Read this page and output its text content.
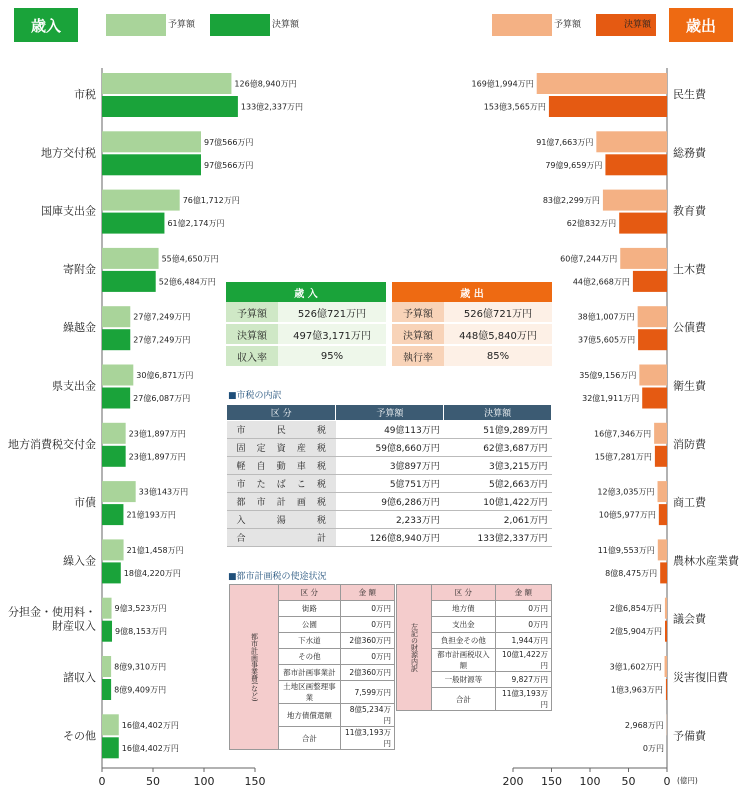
歳入	予算額	決算額	予算額	決算額	歳出
0	50	100	150	200 150 100 50	0 (億円)
市税
126億8,940万円
133億2,337万円
地方交付税
97億566万円
97億566万円
国庫支出金
76億1,712万円
61億2,174万円
寄附金
55億4,650万円
52億6,484万円
繰越金
27億7,249万円
27億7,249万円
県支出金
30億6,871万円
27億6,087万円
地方消費税交付金
23億1,897万円
23億1,897万円
市債
33億143万円
21億193万円
繰入金
21億1,458万円
18億4,220万円
分担金・使用料・
財産収入
9億3,523万円
9億8,153万円
諸収入
8億9,310万円
8億9,409万円
その他
16億4,402万円
16億4,402万円
民生費
169億1,994万円
153億3,565万円
総務費
91億7,663万円
79億9,659万円
教育費
83億2,299万円
62億832万円
土木費
60億7,244万円
44億2,668万円
公債費
38億1,007万円
37億5,605万円
衛生費
35億9,156万円
32億1,911万円
消防費
16億7,346万円
15億7,281万円
商工費
12億3,035万円
10億5,977万円
農林水産業費
11億9,553万円
8億8,475万円
議会費
2億6,854万円
2億5,904万円
災害復旧費
3億1,602万円
1億3,963万円
予備費
2,968万円
0万円
歳 入	
予算額	526億721万円
決算額	497億3,171万円
収入率	95%
歳 出	
予算額	526億721万円
決算額	448億5,840万円
執行率	85%
■市税の内訳
区 分	予算額	決算額
市民税	49億113万円	51億9,289万円
固定資産税	59億8,660万円	62億3,687万円
軽自動車税	3億897万円	3億3,215万円
市たばこ税	5億751万円	5億2,663万円
都市計画税	9億6,286万円	10億1,422万円
入湯税	2,233万円	2,061万円
合計	126億8,940万円	133億2,337万円
■都市計画税の使途状況
都市計画事業費(など)	区 分	金 額
	街路	0万円
	公園	0万円
	下水道	2億360万円
	その他	0万円
	都市計画事業計	2億360万円
	土地区画整理事業	7,599万円
	地方債償還額	8億5,234万円
	合計	11億3,193万円
左記の財源内訳	区 分	金 額
	地方債	0万円
	支出金	0万円
	負担金その他	1,944万円
	都市計画税収入額	10億1,422万円
	一般財源等	9,827万円
	合計	11億3,193万円
